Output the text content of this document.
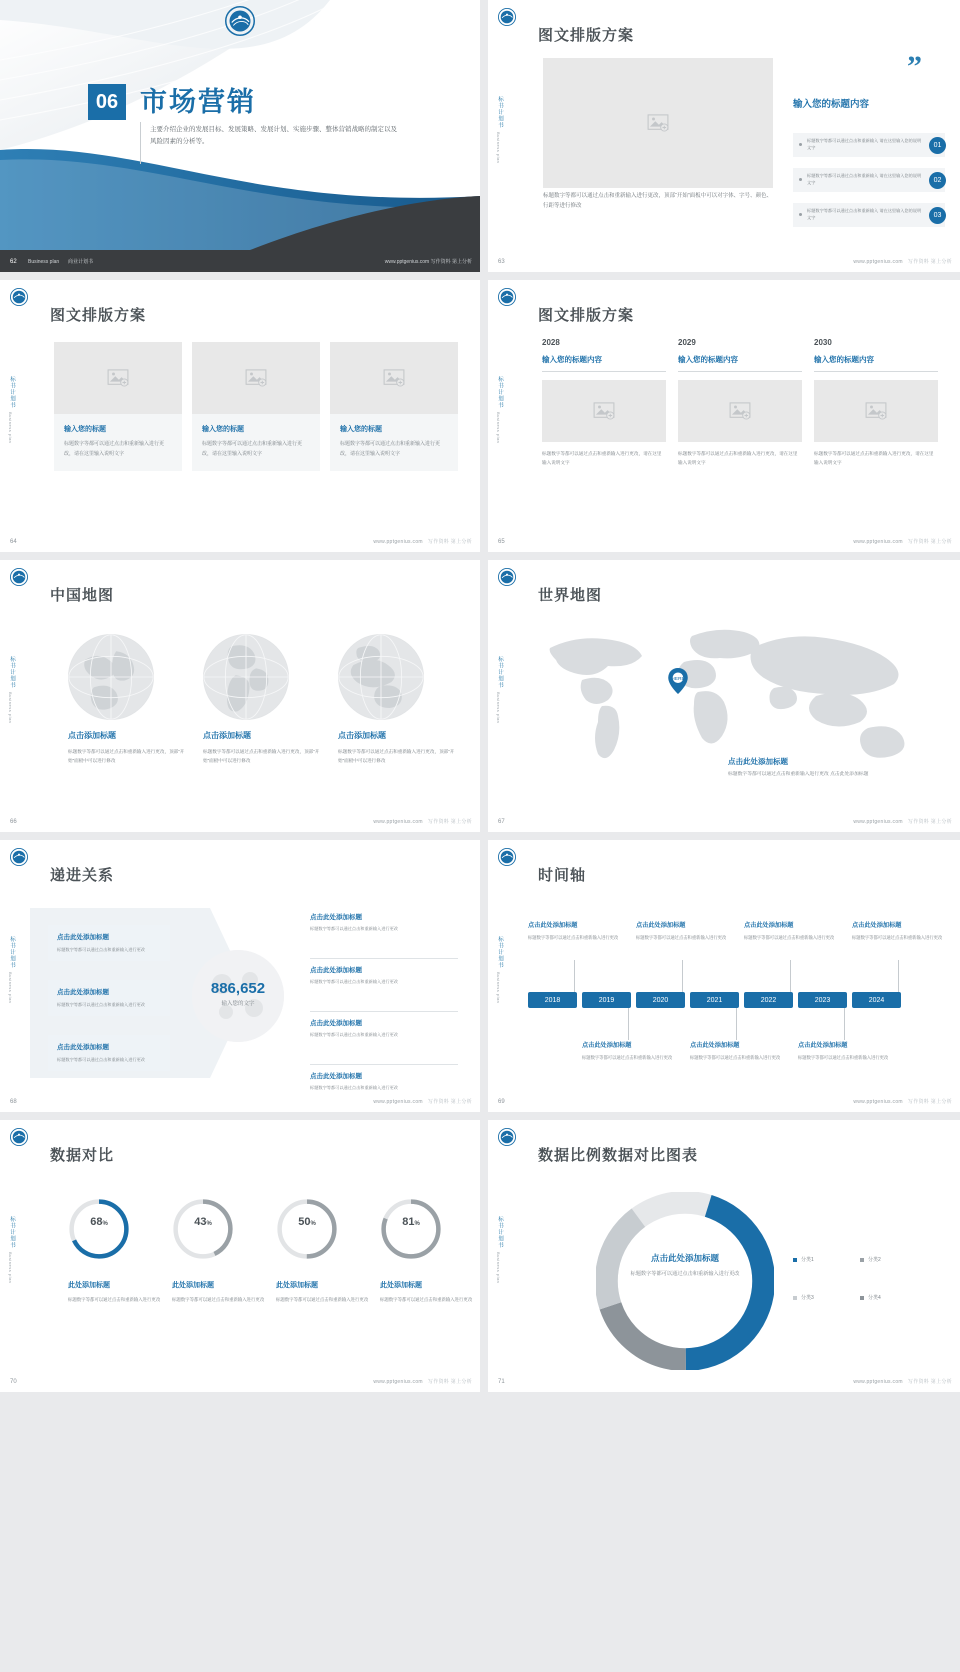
06 市场营销
主要介绍企业的发展目标、发展策略、发展计划、实施步骤、整体营销战略的制定以及风险因素的分析等。
62 Business plan 商业计划书	www.pptgenius.com 写作资料 第上分析
标书计划书
Business plan
图文排版方案
标题数字等都可以通过点击和重新输入进行更改，顶部“开始”面板中可以对字体、字号、颜色、行距等进行修改
”
输入您的标题内容
标题数字等都可以通过点击和重新输入 请在这里输入您的说明文字	01
标题数字等都可以通过点击和重新输入 请在这里输入您的说明文字	02
标题数字等都可以通过点击和重新输入 请在这里输入您的说明文字	03
63	www.pptgenius.com 写作资料 第上分析
标书计划书
Business plan
图文排版方案
输入您的标题

标题数字等都可以通过点击和重新输入进行更改，请在这里输入说明文字

输入您的标题

标题数字等都可以通过点击和重新输入进行更改，请在这里输入说明文字

输入您的标题

标题数字等都可以通过点击和重新输入进行更改，请在这里输入说明文字

64	www.pptgenius.com 写作资料 第上分析
标书计划书
Business plan
图文排版方案
2028
输入您的标题内容

标题数字等都可以通过点击和重新输入进行更改，请在这里输入说明文字

2029
输入您的标题内容

标题数字等都可以通过点击和重新输入进行更改，请在这里输入说明文字

2030
输入您的标题内容

标题数字等都可以通过点击和重新输入进行更改，请在这里输入说明文字

65	www.pptgenius.com 写作资料 第上分析
标书计划书
Business plan
中国地图
点击添加标题
标题数字等都可以通过点击和重新输入进行更改，顶部“开始”面板中可以进行修改
点击添加标题
标题数字等都可以通过点击和重新输入进行更改，顶部“开始”面板中可以进行修改
点击添加标题
标题数字等都可以通过点击和重新输入进行更改，顶部“开始”面板中可以进行修改
66	www.pptgenius.com 写作资料 第上分析
标书计划书
Business plan
世界地图
HERE
点击此处添加标题
标题数字等都可以通过点击和重新输入进行更改 点击此处添加标题
67	www.pptgenius.com 写作资料 第上分析
标书计划书
Business plan
递进关系
886,652
输入您的文字
点击此处添加标题

标题数字等都可以通过点击和重新输入进行更改

点击此处添加标题

标题数字等都可以通过点击和重新输入进行更改

点击此处添加标题

标题数字等都可以通过点击和重新输入进行更改

点击此处添加标题

标题数字等都可以通过点击和重新输入进行更改

点击此处添加标题

标题数字等都可以通过点击和重新输入进行更改

点击此处添加标题

标题数字等都可以通过点击和重新输入进行更改

点击此处添加标题

标题数字等都可以通过点击和重新输入进行更改

68	www.pptgenius.com 写作资料 第上分析
标书计划书
Business plan
时间轴
点击此处添加标题

标题数字等都可以通过点击和重新输入进行更改

点击此处添加标题

标题数字等都可以通过点击和重新输入进行更改

点击此处添加标题

标题数字等都可以通过点击和重新输入进行更改

点击此处添加标题

标题数字等都可以通过点击和重新输入进行更改

2018	2019	2020	2021	2022	2023	2024
点击此处添加标题

标题数字等都可以通过点击和重新输入进行更改

点击此处添加标题

标题数字等都可以通过点击和重新输入进行更改

点击此处添加标题

标题数字等都可以通过点击和重新输入进行更改

69	www.pptgenius.com 写作资料 第上分析
标书计划书
Business plan
数据对比
68%	43%	50%	81%
此处添加标题
标题数字等都可以通过点击和重新输入进行更改
此处添加标题
标题数字等都可以通过点击和重新输入进行更改
此处添加标题
标题数字等都可以通过点击和重新输入进行更改
此处添加标题
标题数字等都可以通过点击和重新输入进行更改
70	www.pptgenius.com 写作资料 第上分析
标书计划书
Business plan
数据比例数据对比图表
点击此处添加标题
标题数字等都可以通过点击和重新输入进行更改
分类1	分类2
分类3	分类4
71	www.pptgenius.com 写作资料 第上分析
